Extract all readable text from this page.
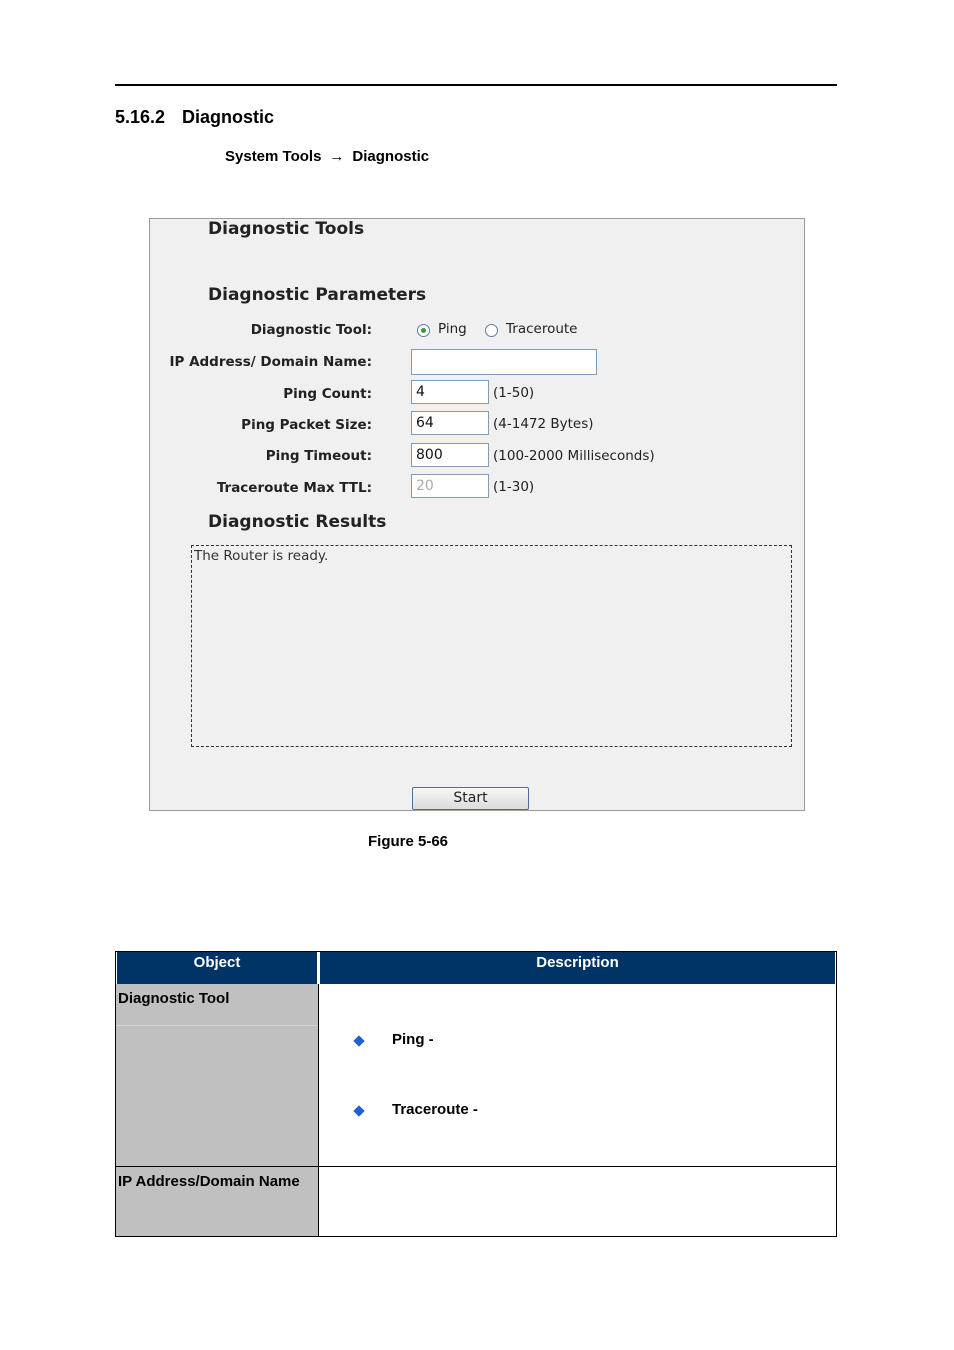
5.16.2 Diagnostic
System Tools → Diagnostic
Diagnostic Tools
Diagnostic Parameters
Diagnostic Tool:	Ping	Traceroute
IP Address/ Domain Name:
Ping Count:	4	(1-50)
Ping Packet Size:	64	(4-1472 Bytes)
Ping Timeout:	800	(100-2000 Milliseconds)
Traceroute Max TTL:	20	(1-30)
Diagnostic Results
The Router is ready.
Start
Figure 5-66
Object	Description
Diagnostic Tool
Ping -
Traceroute -
IP Address/Domain Name
